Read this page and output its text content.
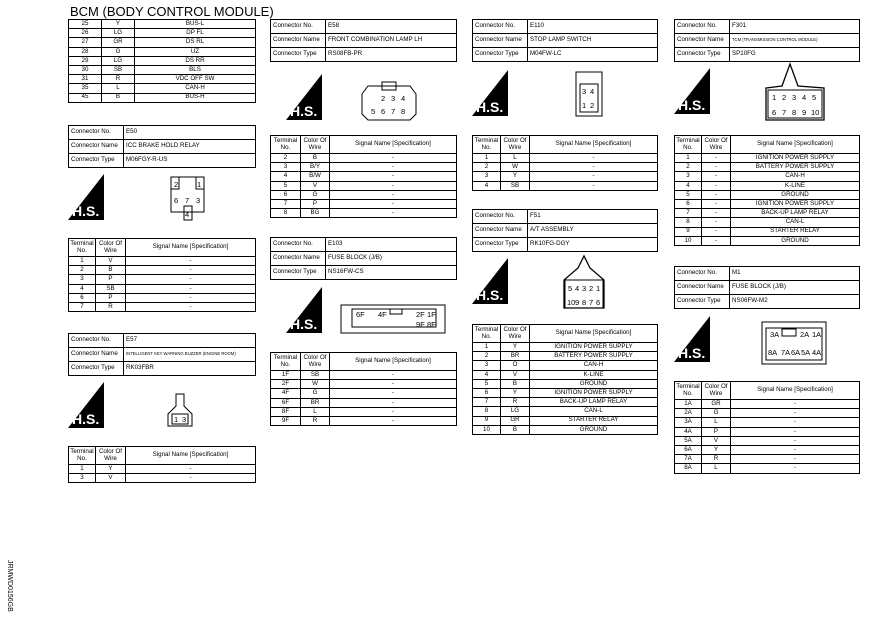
BCM (BODY CONTROL MODULE)
JRMWD0156GB
25	Y	BUS-L
26	LG	DP FL
27	GR	DS RL
28	G	UZ
29	LG	DS RR
30	SB	BLS
31	R	VDC OFF SW
35	L	CAN-H
45	B	BUS-H
Connector No.	E50
Connector Name	ICC BRAKE HOLD RELAY
Connector Type	M06FGY-R-US
H.S.
2	1
6 7 3
4
Terminal No.	Color Of Wire	Signal Name [Specification]
1	V	-
2	B	-
3	P	-
4	SB	-
6	P	-
7	R	-
Connector No.	E57
Connector Name	INTELLIGENT KEY WARNING BUZZER (ENGINE ROOM)
Connector Type	RK03FBR
H.S.	1 3
Terminal No.	Color Of Wire	Signal Name [Specification]
1	Y	-
3	V	-
Connector No.	E58
Connector Name	FRONT COMBINATION LAMP LH
Connector Type	RS08FB-PR
H.S.
2 3 4
5 6 7 8
Terminal No.	Color Of Wire	Signal Name [Specification]
2	B	-
3	B/Y	-
4	B/W	-
5	V	-
6	G	-
7	P	-
8	BG	-
Connector No.	E103
Connector Name	FUSE BLOCK (J/B)
Connector Type	NS16FW-CS
H.S.
6F 4F	2F 1F
9F 8F
Terminal No.	Color Of Wire	Signal Name [Specification]
1F	SB	-
2F	W	-
4F	G	-
6F	BR	-
8F	L	-
9F	R	-
Connector No.	E110
Connector Name	STOP LAMP SWITCH
Connector Type	M04FW-LC
H.S.
3 4
1 2
Terminal No.	Color Of Wire	Signal Name [Specification]
1	L	-
2	W	-
3	Y	-
4	SB	-
Connector No.	F51
Connector Name	A/T ASSEMBLY
Connector Type	RK10FG-DGY
H.S.	5 4 3 2 1
10 9 8 7 6
Terminal No.	Color Of Wire	Signal Name [Specification]
1	Y	IGNITION POWER SUPPLY
2	BR	BATTERY POWER SUPPLY
3	O	CAN-H
4	V	K-LINE
5	B	GROUND
6	Y	IGNITION POWER SUPPLY
7	R	BACK-UP LAMP RELAY
8	LG	CAN-L
9	GR	STARTER RELAY
10	B	GROUND
Connector No.	F301
Connector Name	TCM (TRANSMISSION CONTROL MODULE)
Connector Type	SP10FG
H.S.	1 2 3 4 5
6 7 8 9 10
Terminal No.	Color Of Wire	Signal Name [Specification]
1	-	IGNITION POWER SUPPLY
2	-	BATTERY POWER SUPPLY
3	-	CAN-H
4	-	K-LINE
5	-	GROUND
6	-	IGNITION POWER SUPPLY
7	-	BACK-UP LAMP RELAY
8	-	CAN-L
9	-	STARTER RELAY
10	-	GROUND
Connector No.	M1
Connector Name	FUSE BLOCK (J/B)
Connector Type	NS06FW-M2
H.S.
3A	2A 1A
8A 7A 6A 5A 4A
Terminal No.	Color Of Wire	Signal Name [Specification]
1A	GR	-
2A	G	-
3A	L	-
4A	P	-
5A	V	-
6A	Y	-
7A	R	-
8A	L	-
